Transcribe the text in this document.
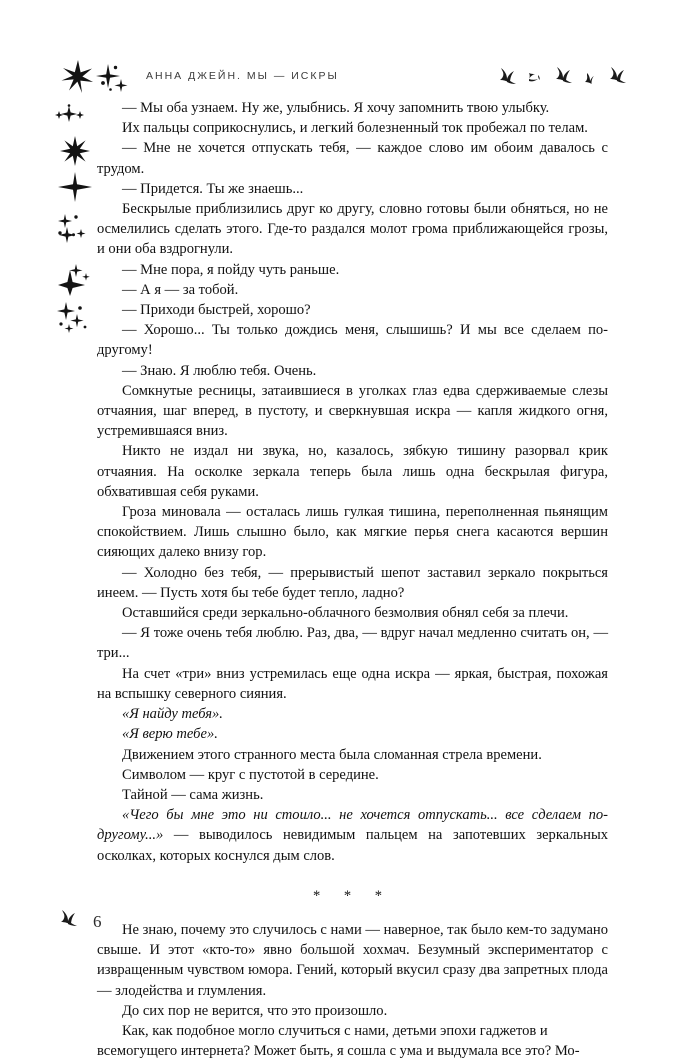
АННА ДЖЕЙН. МЫ — ИСКРЫ

— Мы оба узнаем. Ну же, улыбнись. Я хочу запомнить твою улыбку.

Их пальцы соприкоснулись, и легкий болезненный ток пробежал по телам.

— Мне не хочется отпускать тебя, — каждое слово им обоим давалось с трудом.

— Придется. Ты же знаешь...

Бескрылые приблизились друг ко другу, словно готовы были обняться, но не осмелились сделать этого. Где-то раздался молот грома приближающейся грозы, и они оба вздрогнули.

— Мне пора, я пойду чуть раньше.

— А я — за тобой.

— Приходи быстрей, хорошо?

— Хорошо... Ты только дождись меня, слышишь? И мы все сделаем по-другому!

— Знаю. Я люблю тебя. Очень.

Сомкнутые ресницы, затаившиеся в уголках глаз едва сдерживаемые слезы отчаяния, шаг вперед, в пустоту, и сверкнувшая искра — капля жидкого огня, устремившаяся вниз.

Никто не издал ни звука, но, казалось, зябкую тишину разорвал крик отчаяния. На осколке зеркала теперь была лишь одна бескрылая фигура, обхватившая себя руками.

Гроза миновала — осталась лишь гулкая тишина, переполненная пьянящим спокойствием. Лишь слышно было, как мягкие перья снега касаются вершин сияющих далеко внизу гор.

— Холодно без тебя, — прерывистый шепот заставил зеркало покрыться инеем. — Пусть хотя бы тебе будет тепло, ладно?

Оставшийся среди зеркально-облачного безмолвия обнял себя за плечи.

— Я тоже очень тебя люблю. Раз, два, — вдруг начал медленно считать он, — три...

На счет «три» вниз устремилась еще одна искра — яркая, быстрая, похожая на вспышку северного сияния.

«Я найду тебя».

«Я верю тебе».

Движением этого странного места была сломанная стрела времени.

Символом — круг с пустотой в середине.

Тайной — сама жизнь.

«Чего бы мне это ни стоило... не хочется отпускать... все сделаем по-другому...» — выводилось невидимым пальцем на запотевших зеркальных осколках, которых коснулся дым слов.

* * *

Не знаю, почему это случилось с нами — наверное, так было кем-то задумано свыше. И этот «кто-то» явно большой хохмач. Безумный экспериментатор с извращенным чувством юмора. Гений, который вкусил сразу два запретных плода — злодейства и глумления.

До сих пор не верится, что это произошло.

Как, как подобное могло случиться с нами, детьми эпохи гаджетов и всемогущего интернета? Может быть, я сошла с ума и выдумала все это? Мо-

6
